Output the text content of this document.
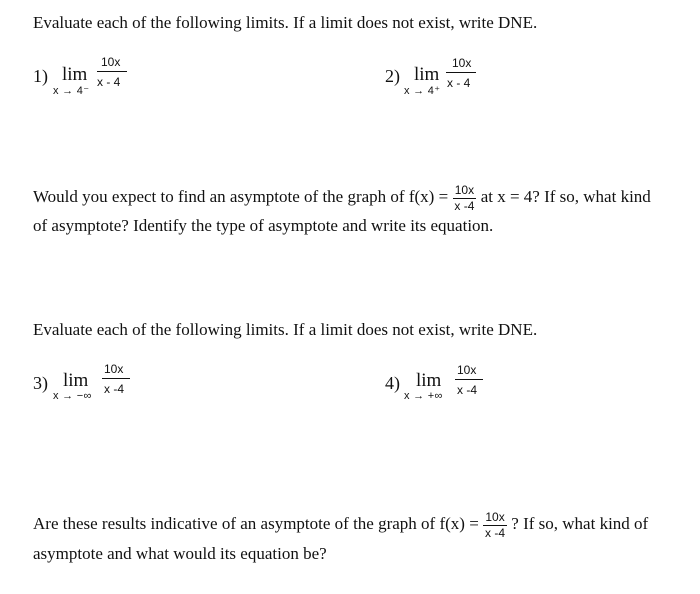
Evaluate each of the following limits. If a limit does not exist, write DNE.
1) lim
x → 4⁻
10x
x - 4	2) lim
x → 4⁺
10x
x - 4
Would you expect to find an asymptote of the graph of $f(x) = \frac{10x}{x -4}$ at x = 4? If so, what kind
of asymptote? Identify the type of asymptote and write its equation.
Evaluate each of the following limits. If a limit does not exist, write DNE.
3) lim
x → −∞
10x
x -4	4) lim
x → +∞
10x
x -4
Are these results indicative of an asymptote of the graph of $f(x) = \frac{10x}{x -4}$ ? If so, what kind of
asymptote and what would its equation be?
